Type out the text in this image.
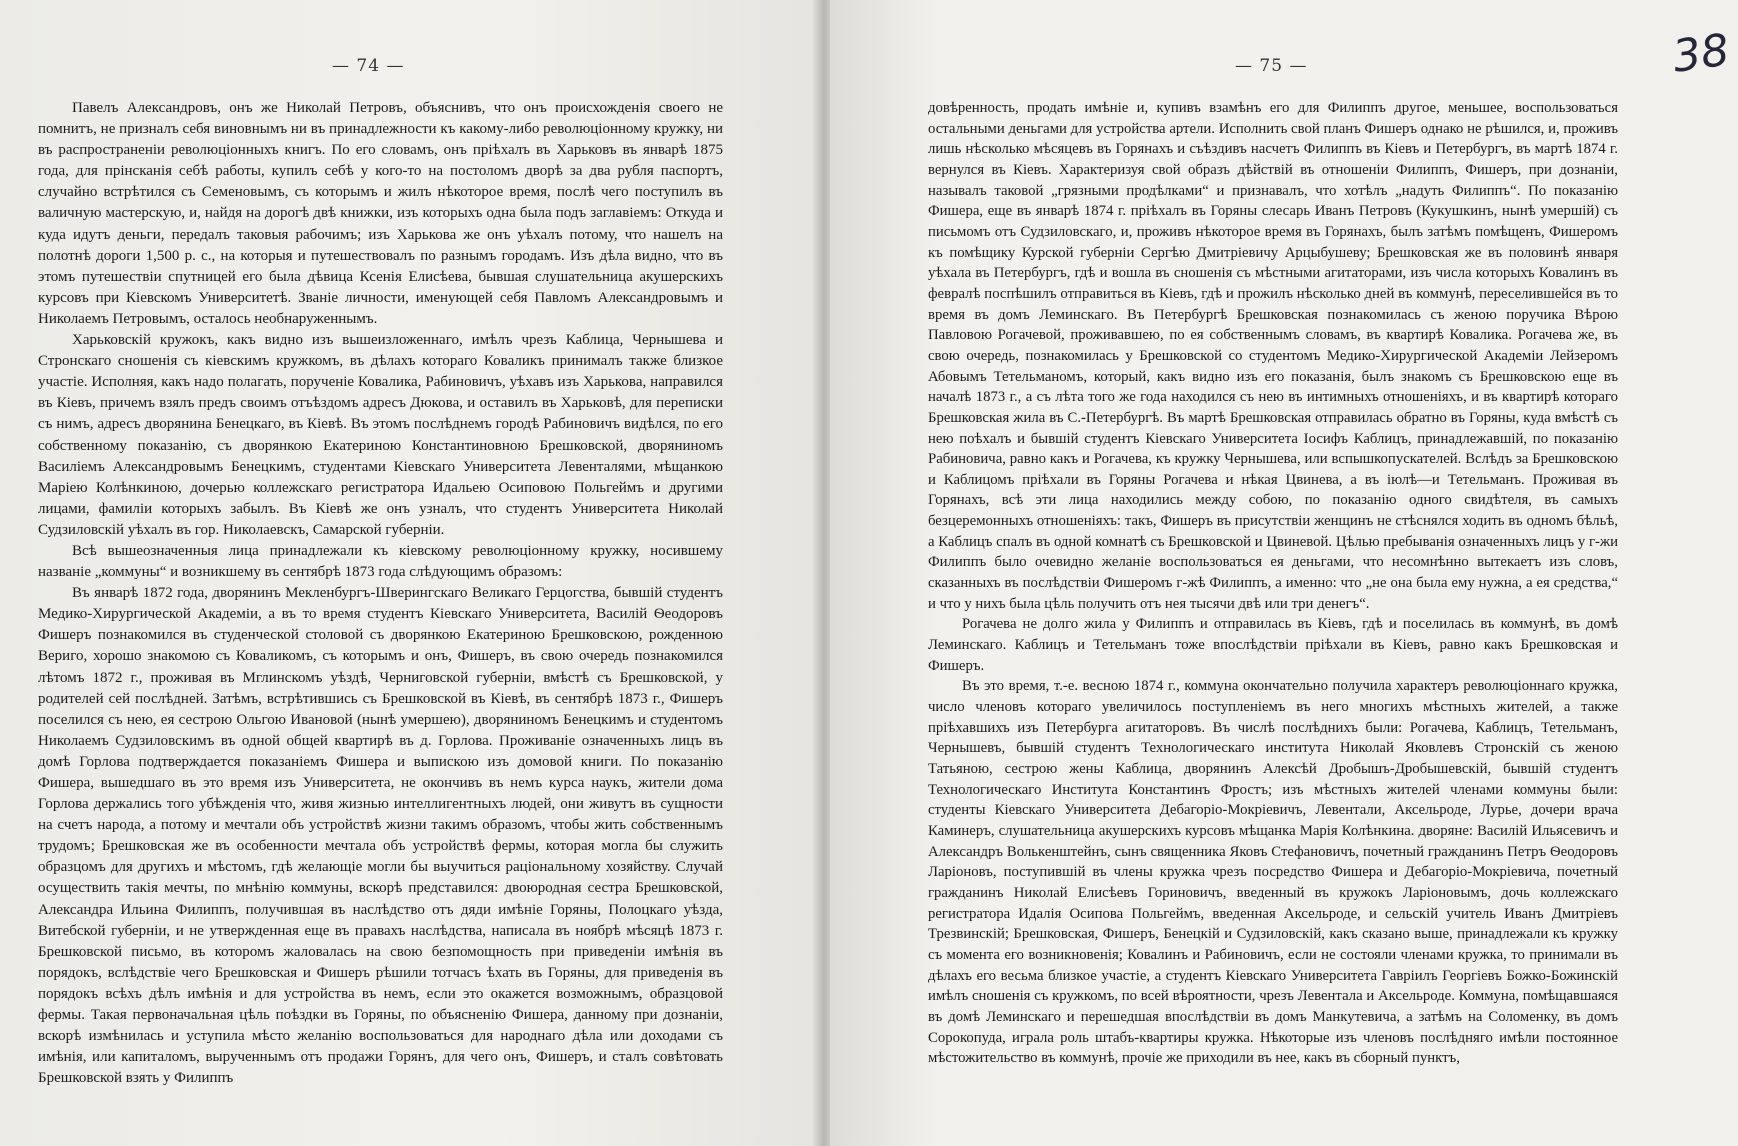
— 74 —

Павелъ Александровъ, онъ же Николай Петровъ, объяснивъ, что онъ происхожденія своего не помнитъ, не призналъ себя виновнымъ ни въ принадлежности къ какому-либо революціонному кружку, ни въ распространеніи революціонныхъ книгъ. По его словамъ, онъ пріѣхалъ въ Харьковъ въ январѣ 1875 года, для прінсканія себѣ работы, купилъ себѣ у кого-то на постоломъ дворѣ за два рубля паспортъ, случайно встрѣтился съ Семеновымъ, съ которымъ и жилъ нѣкоторое время, послѣ чего поступилъ въ валичную мастерскую, и, найдя на дорогѣ двѣ книжки, изъ которыхъ одна была подъ заглавіемъ: Откуда и куда идутъ деньги, передалъ таковыя рабочимъ; изъ Харькова же онъ уѣхалъ потому, что нашелъ на полотнѣ дороги 1,500 р. с., на которыя и путешествовалъ по разнымъ городамъ. Изъ дѣла видно, что въ этомъ путешествіи спутницей его была дѣвица Ксенія Елисѣева, бывшая слушательница акушерскихъ курсовъ при Кіевскомъ Университетѣ. Званіе личности, именующей себя Павломъ Александровымъ и Николаемъ Петровымъ, осталось необнаруженнымъ.

Харьковскій кружокъ, какъ видно изъ вышеизложеннаго, имѣлъ чрезъ Каблица, Чернышева и Стронскаго сношенія съ кіевскимъ кружкомъ, въ дѣлахъ котораго Коваликъ принималъ также близкое участіе. Исполняя, какъ надо полагать, порученіе Ковалика, Рабиновичъ, уѣхавъ изъ Харькова, направился въ Кіевъ, причемъ взялъ предъ своимъ отъѣздомъ адресъ Дюкова, и оставилъ въ Харьковѣ, для переписки съ нимъ, адресъ дворянина Бенецкаго, въ Кіевѣ. Въ этомъ послѣднемъ городѣ Рабиновичъ видѣлся, по его собственному показанію, съ дворянкою Екатериною Константиновною Брешковской, дворяниномъ Василіемъ Александровымъ Бенецкимъ, студентами Кіевскаго Университета Левенталями, мѣщанкою Маріею Колѣнкиною, дочерью коллежскаго регистратора Идальею Осиповою Польгеймъ и другими лицами, фамиліи которыхъ забылъ. Въ Кіевѣ же онъ узналъ, что студентъ Университета Николай Судзиловскій уѣхалъ въ гор. Николаевскъ, Самарской губерніи.

Всѣ вышеозначенныя лица принадлежали къ кіевскому революціонному кружку, носившему названіе „коммуны“ и возникшему въ сентябрѣ 1873 года слѣдующимъ образомъ:

Въ январѣ 1872 года, дворянинъ Мекленбургъ-Шверингскаго Великаго Герцогства, бывшій студентъ Медико-Хирургической Академіи, а въ то время студентъ Кіевскаго Университета, Василій Ѳеодоровъ Фишеръ познакомился въ студенческой столовой съ дворянкою Екатериною Брешковскою, рожденною Вериго, хорошо знакомою съ Коваликомъ, съ которымъ и онъ, Фишеръ, въ свою очередь познакомился лѣтомъ 1872 г., проживая въ Мглинскомъ уѣздѣ, Черниговской губерніи, вмѣстѣ съ Брешковской, у родителей сей послѣдней. Затѣмъ, встрѣтившись съ Брешковской въ Кіевѣ, въ сентябрѣ 1873 г., Фишеръ поселился съ нею, ея сестрою Ольгою Ивановой (нынѣ умершею), дворяниномъ Бенецкимъ и студентомъ Николаемъ Судзиловскимъ въ одной общей квартирѣ въ д. Горлова. Проживаніе означенныхъ лицъ въ домѣ Горлова подтверждается показаніемъ Фишера и выпискою изъ домовой книги. По показанію Фишера, вышедшаго въ это время изъ Университета, не окончивъ въ немъ курса наукъ, жители дома Горлова держались того убѣжденія что, живя жизнью интеллигентныхъ людей, они живутъ въ сущности на счетъ народа, а потому и мечтали объ устройствѣ жизни такимъ образомъ, чтобы жить собственнымъ трудомъ; Брешковская же въ особенности мечтала объ устройствѣ фермы, которая могла бы служить образцомъ для другихъ и мѣстомъ, гдѣ желающіе могли бы выучиться раціональному хозяйству. Случай осуществить такія мечты, по мнѣнію коммуны, вскорѣ представился: двоюродная сестра Брешковской, Александра Ильина Филиппъ, получившая въ наслѣдство отъ дяди имѣніе Горяны, Полоцкаго уѣзда, Витебской губерніи, и не утвержденная еще въ правахъ наслѣдства, написала въ ноябрѣ мѣсяцѣ 1873 г. Брешковской письмо, въ которомъ жаловалась на свою безпомощность при приведеніи имѣнія въ порядокъ, вслѣдствіе чего Брешковская и Фишеръ рѣшили тотчасъ ѣхать въ Горяны, для приведенія въ порядокъ всѣхъ дѣлъ имѣнія и для устройства въ немъ, если это окажется возможнымъ, образцовой фермы. Такая первоначальная цѣль поѣздки въ Горяны, по объясненію Фишера, данному при дознаніи, вскорѣ измѣнилась и уступила мѣсто желанію воспользоваться для народнаго дѣла или доходами съ имѣнія, или капиталомъ, вырученнымъ отъ продажи Горянъ, для чего онъ, Фишеръ, и сталъ совѣтовать Брешковской взять у Филиппъ

— 75 —	38

довѣренность, продать имѣніе и, купивъ взамѣнъ его для Филиппъ другое, меньшее, воспользоваться остальными деньгами для устройства артели. Исполнить свой планъ Фишеръ однако не рѣшился, и, проживъ лишь нѣсколько мѣсяцевъ въ Горянахъ и съѣздивъ насчетъ Филиппъ въ Кіевъ и Петербургъ, въ мартѣ 1874 г. вернулся въ Кіевъ. Характеризуя свой образъ дѣйствій въ отношеніи Филиппъ, Фишеръ, при дознаніи, называлъ таковой „грязными продѣлками“ и признавалъ, что хотѣлъ „надуть Филиппъ“. По показанію Фишера, еще въ январѣ 1874 г. пріѣхалъ въ Горяны слесарь Иванъ Петровъ (Кукушкинъ, нынѣ умершій) съ письмомъ отъ Судзиловскаго, и, проживъ нѣкоторое время въ Горянахъ, былъ затѣмъ помѣщенъ, Фишеромъ къ помѣщику Курской губерніи Сергѣю Дмитріевичу Арцыбушеву; Брешковская же въ половинѣ января уѣхала въ Петербургъ, гдѣ и вошла въ сношенія съ мѣстными агитаторами, изъ числа которыхъ Ковалинъ въ февралѣ поспѣшилъ отправиться въ Кіевъ, гдѣ и прожилъ нѣсколько дней въ коммунѣ, переселившейся въ то время въ домъ Леминскаго. Въ Петербургѣ Брешковская познакомилась съ женою поручика Вѣрою Павловою Рогачевой, проживавшею, по ея собственнымъ словамъ, въ квартирѣ Ковалика. Рогачева же, въ свою очередь, познакомилась у Брешковской со студентомъ Медико-Хирургической Академіи Лейзеромъ Абовымъ Тетельманомъ, который, какъ видно изъ его показанія, былъ знакомъ съ Брешковскою еще въ началѣ 1873 г., а съ лѣта того же года находился съ нею въ интимныхъ отношеніяхъ, и въ квартирѣ котораго Брешковская жила въ С.-Петербургѣ. Въ мартѣ Брешковская отправилась обратно въ Горяны, куда вмѣстѣ съ нею поѣхалъ и бывшій студентъ Кіевскаго Университета Іосифъ Каблицъ, принадлежавшій, по показанію Рабиновича, равно какъ и Рогачева, къ кружку Чернышева, или вспышкопускателей. Вслѣдъ за Брешковскою и Каблицомъ пріѣхали въ Горяны Рогачева и нѣкая Цвинева, а въ іюлѣ—и Тетельманъ. Проживая въ Горянахъ, всѣ эти лица находились между собою, по показанію одного свидѣтеля, въ самыхъ безцеремонныхъ отношеніяхъ: такъ, Фишеръ въ присутствіи женщинъ не стѣснялся ходить въ одномъ бѣльѣ, а Каблицъ спалъ въ одной комнатѣ съ Брешковской и Цвиневой. Цѣлью пребыванія означенныхъ лицъ у г-жи Филиппъ было очевидно желаніе воспользоваться ея деньгами, что несомнѣнно вытекаетъ изъ словъ, сказанныхъ въ послѣдствіи Фишеромъ г-жѣ Филиппъ, а именно: что „не она была ему нужна, а ея средства,“ и что у нихъ была цѣль получить отъ нея тысячи двѣ или три денегъ“.

Рогачева не долго жила у Филиппъ и отправилась въ Кіевъ, гдѣ и поселилась въ коммунѣ, въ домѣ Леминскаго. Каблицъ и Тетельманъ тоже впослѣдствіи пріѣхали въ Кіевъ, равно какъ Брешковская и Фишеръ.

Въ это время, т.-е. весною 1874 г., коммуна окончательно получила характеръ революціоннаго кружка, число членовъ котораго увеличилось поступленіемъ въ него многихъ мѣстныхъ жителей, а также пріѣхавшихъ изъ Петербурга агитаторовъ. Въ числѣ послѣднихъ были: Рогачева, Каблицъ, Тетельманъ, Чернышевъ, бывшій студентъ Технологическаго института Николай Яковлевъ Стронскій съ женою Татьяною, сестрою жены Каблица, дворянинъ Алексѣй Дробышъ-Дробышевскій, бывшій студентъ Технологическаго Института Константинъ Фростъ; изъ мѣстныхъ жителей членами коммуны были: студенты Кіевскаго Университета Дебагоріо-Мокріевичъ, Левентали, Аксельроде, Лурье, дочери врача Каминеръ, слушательница акушерскихъ курсовъ мѣщанка Марія Колѣнкина. дворяне: Василій Ильясевичъ и Александръ Волькенштейнъ, сынъ священника Яковъ Стефановичъ, почетный гражданинъ Петръ Ѳеодоровъ Ларіоновъ, поступившій въ члены кружка чрезъ посредство Фишера и Дебагоріо-Мокріевича, почетный гражданинъ Николай Елисѣевъ Гориновичъ, введенный въ кружокъ Ларіоновымъ, дочь коллежскаго регистратора Идалія Осипова Польгеймъ, введенная Аксельроде, и сельскій учитель Иванъ Дмитріевъ Трезвинскій; Брешковская, Фишеръ, Бенецкій и Судзиловскій, какъ сказано выше, принадлежали къ кружку съ момента его возникновенія; Ковалинъ и Рабиновичъ, если не состояли членами кружка, то принимали въ дѣлахъ его весьма близкое участіе, а студентъ Кіевскаго Университета Гавріилъ Георгіевъ Божко-Божинскій имѣлъ сношенія съ кружкомъ, по всей вѣроятности, чрезъ Левентала и Аксельроде. Коммуна, помѣщавшаяся въ домѣ Леминскаго и перешедшая впослѣдствіи въ домъ Манкутевича, а затѣмъ на Соломенку, въ домъ Сорокопуда, играла роль штабъ-квартиры кружка. Нѣкоторые изъ членовъ послѣдняго имѣли постоянное мѣстожительство въ коммунѣ, прочіе же приходили въ нее, какъ въ сборный пунктъ,
